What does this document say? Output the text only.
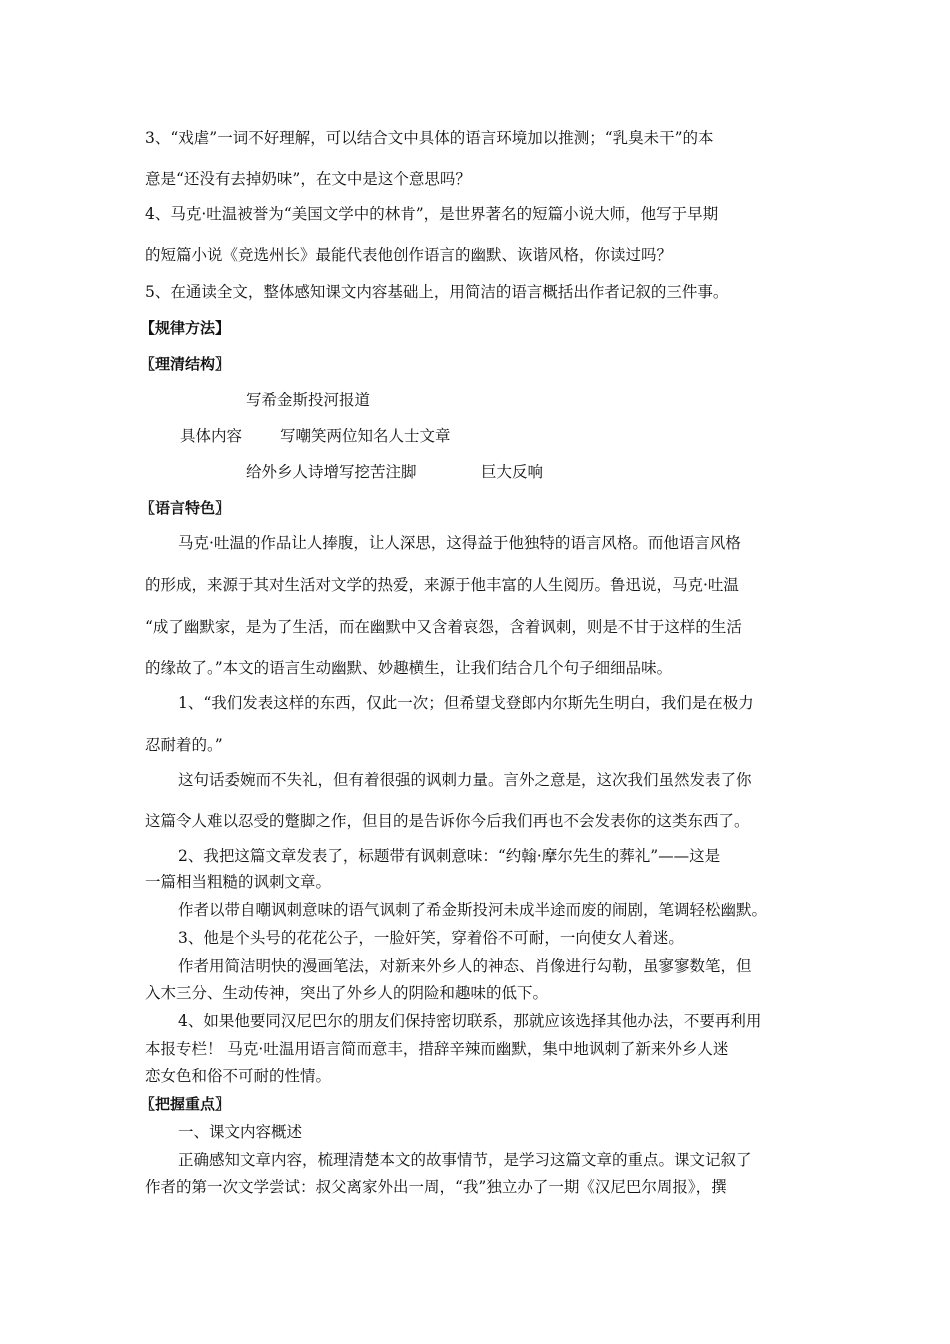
3、“戏虐”一词不好理解，可以结合文中具体的语言环境加以推测；“乳臭未干”的本
意是“还没有去掉奶味”，在文中是这个意思吗？
4、马克·吐温被誉为“美国文学中的林肯”，是世界著名的短篇小说大师，他写于早期
的短篇小说《竞选州长》最能代表他创作语言的幽默、诙谐风格，你读过吗？
5、在通读全文，整体感知课文内容基础上，用简洁的语言概括出作者记叙的三件事。
【规律方法】
〖理清结构〗
写希金斯投河报道
具体内容 写嘲笑两位知名人士文章
给外乡人诗增写挖苦注脚	巨大反响
〖语言特色〗
马克·吐温的作品让人捧腹，让人深思，这得益于他独特的语言风格。而他语言风格
的形成，来源于其对生活对文学的热爱，来源于他丰富的人生阅历。鲁迅说，马克·吐温
“成了幽默家，是为了生活，而在幽默中又含着哀怨，含着讽刺，则是不甘于这样的生活
的缘故了。”本文的语言生动幽默、妙趣横生，让我们结合几个句子细细品味。
1、“我们发表这样的东西，仅此一次；但希望戈登郎内尔斯先生明白，我们是在极力
忍耐着的。”
这句话委婉而不失礼，但有着很强的讽刺力量。言外之意是，这次我们虽然发表了你
这篇令人难以忍受的蹩脚之作，但目的是告诉你今后我们再也不会发表你的这类东西了。
2、我把这篇文章发表了，标题带有讽刺意味：“约翰·摩尔先生的葬礼”——这是
一篇相当粗糙的讽刺文章。
作者以带自嘲讽刺意味的语气讽刺了希金斯投河未成半途而废的闹剧，笔调轻松幽默。
3、他是个头号的花花公子，一脸奸笑，穿着俗不可耐，一向使女人着迷。
作者用简洁明快的漫画笔法，对新来外乡人的神态、肖像进行勾勒，虽寥寥数笔，但
入木三分、生动传神，突出了外乡人的阴险和趣味的低下。
4、如果他要同汉尼巴尔的朋友们保持密切联系，那就应该选择其他办法，不要再利用
本报专栏！ 马克·吐温用语言简而意丰，措辞辛辣而幽默，集中地讽刺了新来外乡人迷
恋女色和俗不可耐的性情。
〖把握重点〗
一、课文内容概述
正确感知文章内容，梳理清楚本文的故事情节，是学习这篇文章的重点。课文记叙了
作者的第一次文学尝试：叔父离家外出一周，“我”独立办了一期《汉尼巴尔周报》，撰
